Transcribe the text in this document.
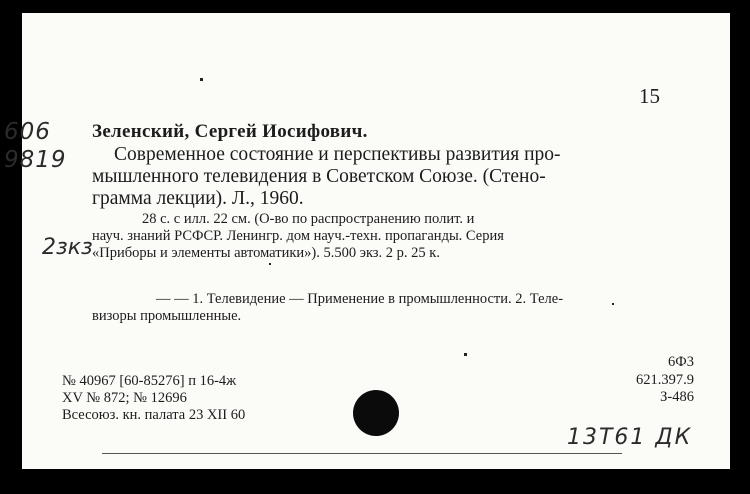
15
606
9819
2зкз
13Т61 ДК
Зеленский, Сергей Иосифович.
Современное состояние и перспективы развития про-
мышленного телевидения в Советском Союзе. (Стено-
грамма лекции). Л., 1960.
28 с. с илл. 22 см. (О-во по распространению полит. и
науч. знаний РСФСР. Ленингр. дом науч.-техн. пропаганды. Серия
«Приборы и элементы автоматики»). 5.500 экз. 2 р. 25 к.
— — 1. Телевидение — Применение в промышленности. 2. Теле-
визоры промышленные.
№ 40967 [60-85276] п 16-4ж
XV № 872; № 12696
Всесоюз. кн. палата 23 XII 60
6Ф3
621.397.9
З-486
